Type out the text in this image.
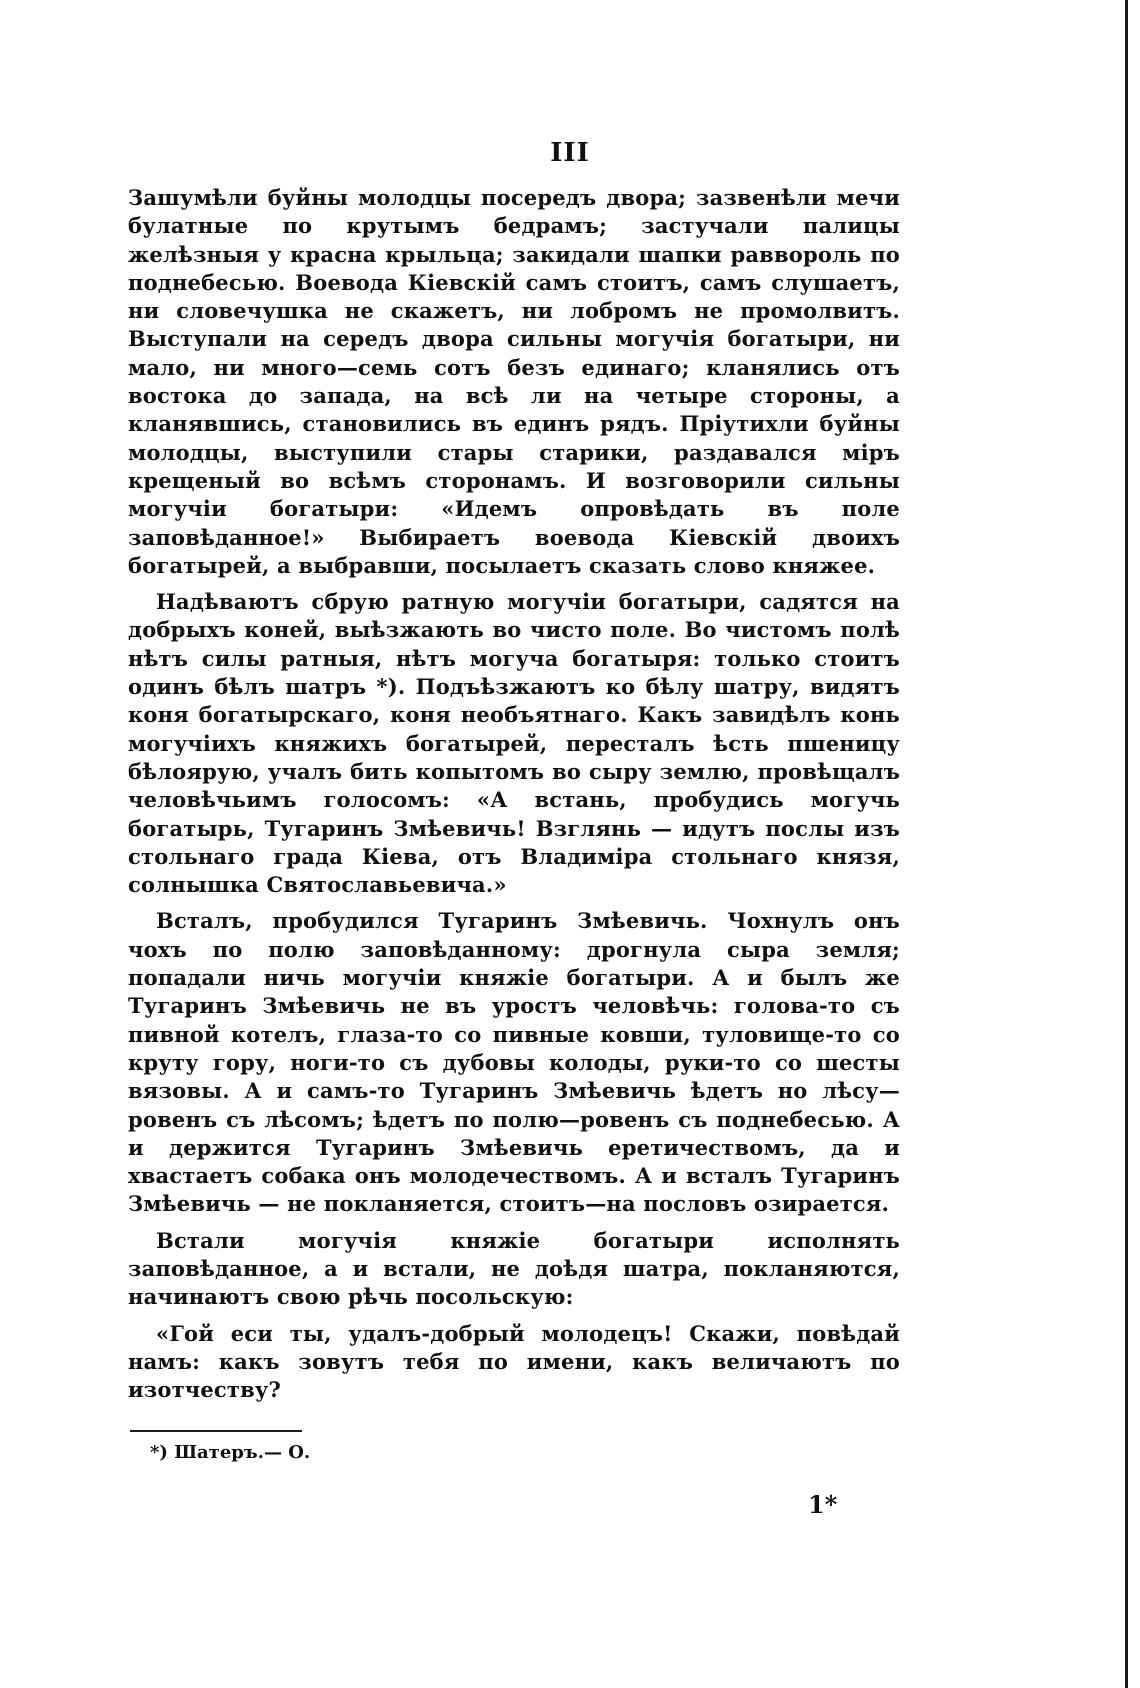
III

Зашумѣли буйны молодцы посередъ двора; зазвенѣли мечи булатные по крутымъ бедрамъ; застучали палицы желѣзныя у красна крыльца; закидали шапки раввороль по поднебесью. Воевода Кіевскій самъ стоитъ, самъ слушаетъ, ни словечушка не скажетъ, ни лобромъ не промолвитъ. Выступали на середъ двора сильны могучія богатыри, ни мало, ни много—семь сотъ безъ единаго; кланялись отъ востока до запада, на всѣ ли на четыре стороны, а кланявшись, становились въ единъ рядъ. Пріутихли буйны молодцы, выступили стары старики, раздавался міръ крещеный во всѣмъ сторонамъ. И возговорили сильны могучіи богатыри: «Идемъ опровѣдать въ поле заповѣданное!» Выбираетъ воевода Кіевскій двоихъ богатырей, а выбравши, посылаетъ сказать слово княжее.

Надѣваютъ сбрую ратную могучіи богатыри, садятся на добрыхъ коней, выѣзжають во чисто поле. Во чистомъ полѣ нѣтъ силы ратныя, нѣтъ могуча богатыря: только стоитъ одинъ бѣлъ шатръ *). Подъѣзжаютъ ко бѣлу шатру, видятъ коня богатырскаго, коня необъятнаго. Какъ завидѣлъ конь могучіихъ княжихъ богатырей, пересталъ ѣсть пшеницу бѣлоярую, учалъ бить копытомъ во сыру землю, провѣщалъ человѣчьимъ голосомъ: «А встань, пробудись могучь богатырь, Тугаринъ Змѣевичь! Взглянь — идутъ послы изъ стольнаго града Кіева, отъ Владиміра стольнаго князя, солнышка Святославьевича.»

Всталъ, пробудился Тугаринъ Змѣевичь. Чохнулъ онъ чохъ по полю заповѣданному: дрогнула сыра земля; попадали ничь могучіи княжіе богатыри. А и былъ же Тугаринъ Змѣевичь не въ уростъ человѣчь: голова-то съ пивной котелъ, глаза-то со пивные ковши, туловище-то со круту гору, ноги-то съ дубовы колоды, руки-то со шесты вязовы. А и самъ-то Тугаринъ Змѣевичь ѣдетъ но лѣсу—ровенъ съ лѣсомъ; ѣдетъ по полю—ровенъ съ поднебесью. А и держится Тугаринъ Змѣевичь еретичествомъ, да и хвастаетъ собака онъ молодечествомъ. А и всталъ Тугаринъ Змѣевичь — не покланяется, стоитъ—на пословъ озирается.

Встали могучія княжіе богатыри исполнять заповѣданное, а и встали, не доѣдя шатра, покланяются, начинаютъ свою рѣчь посольскую:

«Гой еси ты, удалъ-добрый молодецъ! Скажи, повѣдай намъ: какъ зовутъ тебя по имени, какъ величаютъ по изотчеству?

*) Шатеръ.— О.
1*
